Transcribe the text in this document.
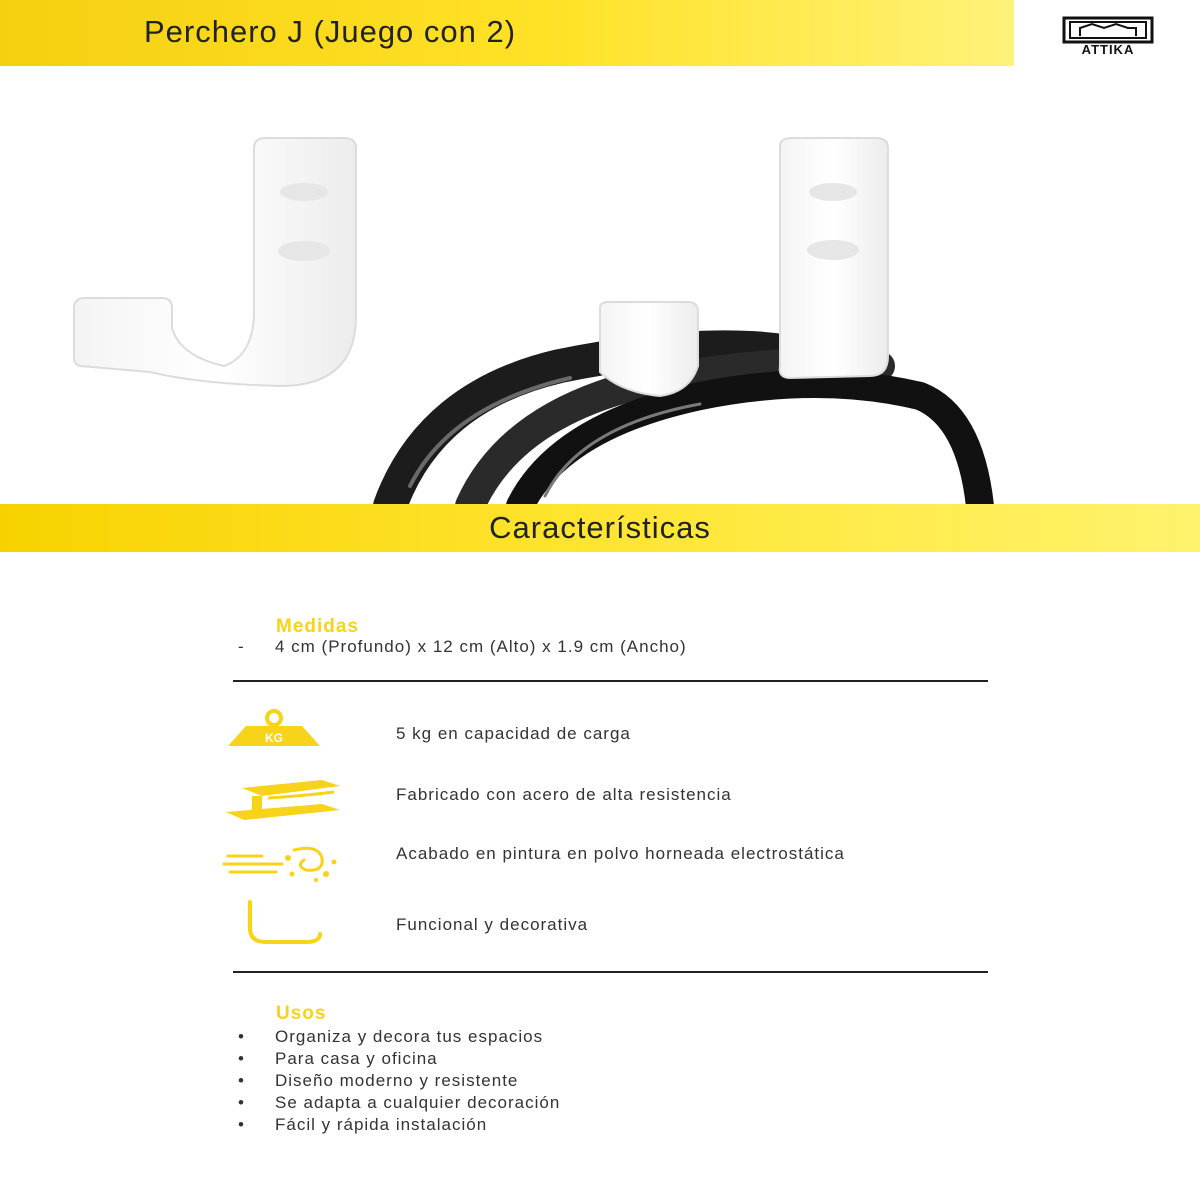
Perchero J (Juego con 2)
ATTIKA
Características
Medidas
- 4 cm (Profundo) x 12 cm (Alto) x 1.9 cm (Ancho)
KG	5 kg en capacidad de carga
Fabricado con acero de alta resistencia
Acabado en pintura en polvo horneada electrostática
Funcional y decorativa
Usos
• Organiza y decora tus espacios
• Para casa y oficina
• Diseño moderno y resistente
• Se adapta a cualquier decoración
• Fácil y rápida instalación
